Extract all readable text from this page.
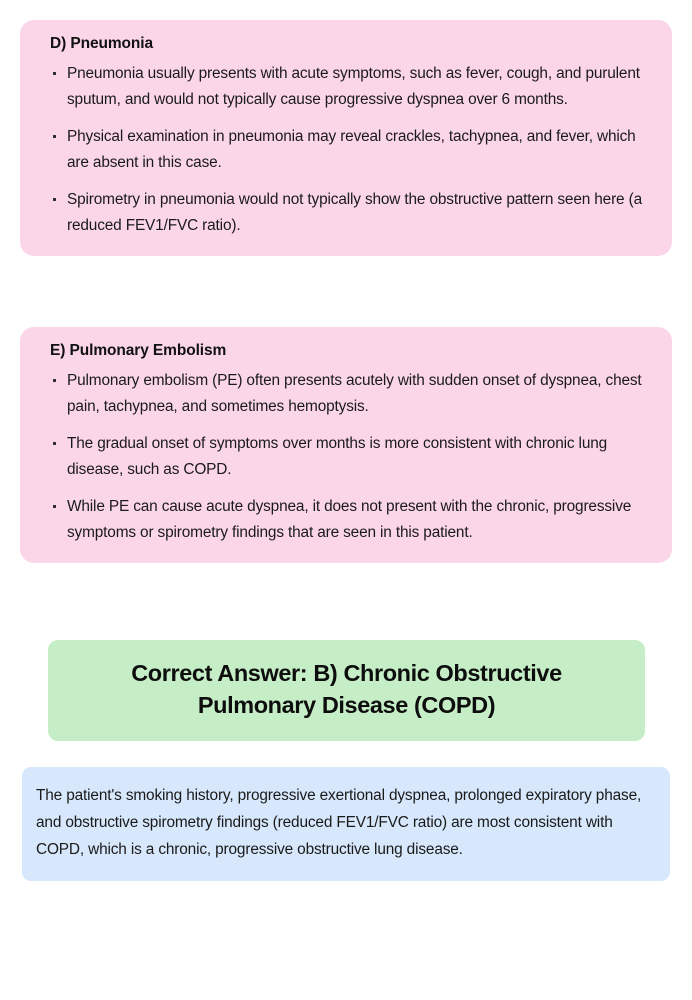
D) Pneumonia
Pneumonia usually presents with acute symptoms, such as fever, cough, and purulent sputum, and would not typically cause progressive dyspnea over 6 months.
Physical examination in pneumonia may reveal crackles, tachypnea, and fever, which are absent in this case.
Spirometry in pneumonia would not typically show the obstructive pattern seen here (a reduced FEV1/FVC ratio).
E) Pulmonary Embolism
Pulmonary embolism (PE) often presents acutely with sudden onset of dyspnea, chest pain, tachypnea, and sometimes hemoptysis.
The gradual onset of symptoms over months is more consistent with chronic lung disease, such as COPD.
While PE can cause acute dyspnea, it does not present with the chronic, progressive symptoms or spirometry findings that are seen in this patient.
Correct Answer: B) Chronic Obstructive Pulmonary Disease (COPD)

The patient's smoking history, progressive exertional dyspnea, prolonged expiratory phase, and obstructive spirometry findings (reduced FEV1/FVC ratio) are most consistent with COPD, which is a chronic, progressive obstructive lung disease.
